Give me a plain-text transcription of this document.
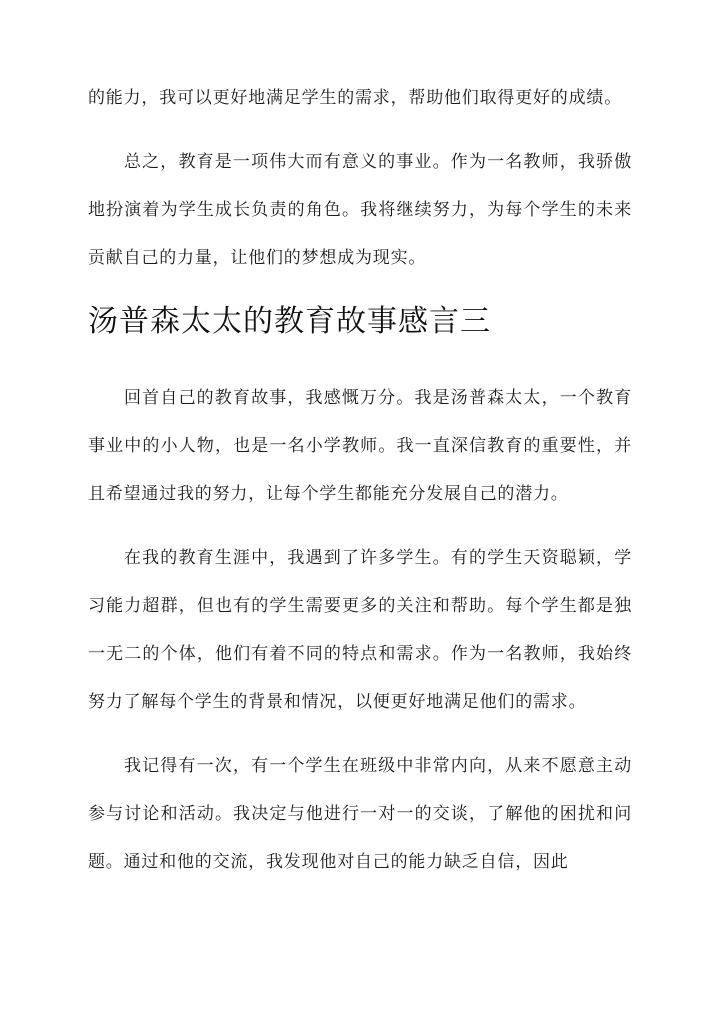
的能力，我可以更好地满足学生的需求，帮助他们取得更好的成绩。

总之，教育是一项伟大而有意义的事业。作为一名教师，我骄傲地扮演着为学生成长负责的角色。我将继续努力，为每个学生的未来贡献自己的力量，让他们的梦想成为现实。

汤普森太太的教育故事感言三

回首自己的教育故事，我感慨万分。我是汤普森太太，一个教育事业中的小人物，也是一名小学教师。我一直深信教育的重要性，并且希望通过我的努力，让每个学生都能充分发展自己的潜力。

在我的教育生涯中，我遇到了许多学生。有的学生天资聪颖，学习能力超群，但也有的学生需要更多的关注和帮助。每个学生都是独一无二的个体，他们有着不同的特点和需求。作为一名教师，我始终努力了解每个学生的背景和情况，以便更好地满足他们的需求。

我记得有一次，有一个学生在班级中非常内向，从来不愿意主动参与讨论和活动。我决定与他进行一对一的交谈，了解他的困扰和问题。通过和他的交流，我发现他对自己的能力缺乏自信，因此
